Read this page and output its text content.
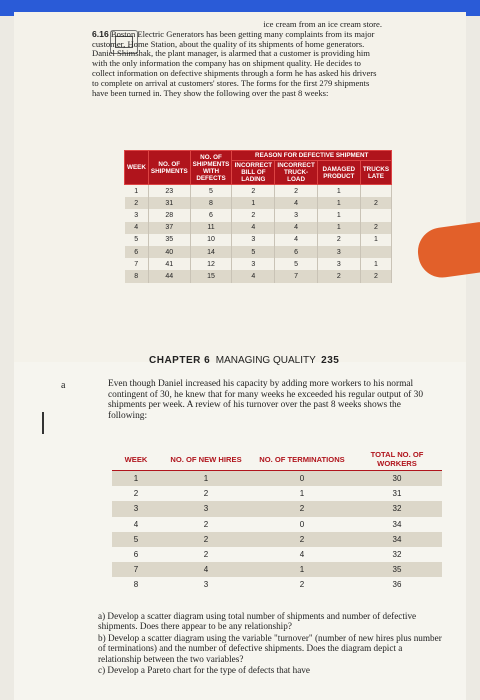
ice cream from an ice cream store.
6.16 Boston Electric Generators has been getting many complaints from its major customer, Home Station, about the quality of its shipments of home generators. Daniel Shimshak, the plant manager, is alarmed that a customer is providing him with the only information the company has on shipment quality. He decides to collect information on defective shipments through a form he has asked his drivers to complete on arrival at customers' stores. The forms for the first 279 shipments have been turned in. They show the following over the past 8 weeks:
WEEK	NO. OF SHIPMENTS	NO. OF SHIPMENTS WITH DEFECTS	REASON FOR DEFECTIVE SHIPMENT			
			INCORRECT BILL OF LADING	INCORRECT TRUCK-LOAD	DAMAGED PRODUCT	TRUCKS LATE
1	23	5	2	2	1	
2	31	8	1	4	1	2
3	28	6	2	3	1	
4	37	11	4	4	1	2
5	35	10	3	4	2	1
6	40	14	5	6	3	
7	41	12	3	5	3	1
8	44	15	4	7	2	2
CHAPTER 6 MANAGING QUALITY 235
a	Even though Daniel increased his capacity by adding more workers to his normal contingent of 30, he knew that for many weeks he exceeded his regular output of 30 shipments per week. A review of his turnover over the past 8 weeks shows the following:
WEEK	NO. OF NEW HIRES	NO. OF TERMINATIONS	TOTAL NO. OF WORKERS
1	1	0	30
2	2	1	31
3	3	2	32
4	2	0	34
5	2	2	34
6	2	4	32
7	4	1	35
8	3	2	36

a) Develop a scatter diagram using total number of shipments and number of defective shipments. Does there appear to be any relationship?

b) Develop a scatter diagram using the variable "turnover" (number of new hires plus number of terminations) and the number of defective shipments. Does the diagram depict a relationship between the two variables?

c) Develop a Pareto chart for the type of defects that have
